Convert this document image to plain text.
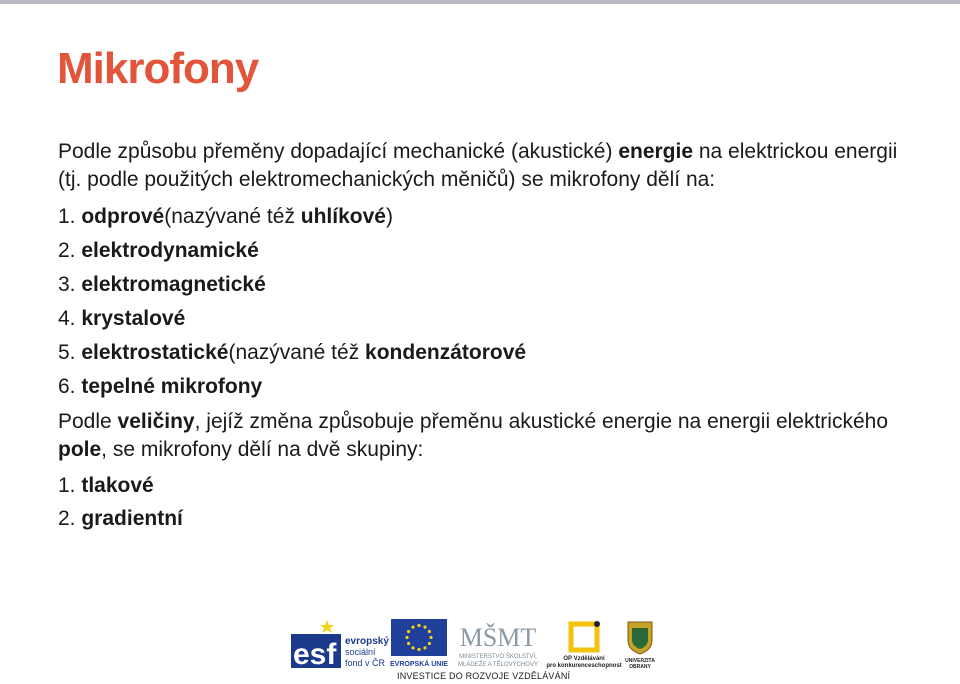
Mikrofony

Podle způsobu přeměny dopadající mechanické (akustické) energie na elektrickou energii (tj. podle použitých elektromechanických měničů) se mikrofony dělí na:

1. odprové(nazývané též uhlíkové)
2. elektrodynamické
3. elektromagnetické
4. krystalové
5. elektrostatické(nazývané též kondenzátorové
6. tepelné mikrofony

Podle veličiny, jejíž změna způsobuje přeměnu akustické energie na energii elektrického pole, se mikrofony dělí na dvě skupiny:

1. tlakové
2. gradientní
esf evropský
sociální
fond v ČR EVROPSKÁ UNIE
MŠMT
MINISTERSTVO ŠKOLSTVÍ,
MLÁDEŽE A TĚLOVÝCHOVY
OP Vzdělávání
pro konkurenceschopnost
UNIVERZITA
OBRANY
INVESTICE DO ROZVOJE VZDĚLÁVÁNÍ
